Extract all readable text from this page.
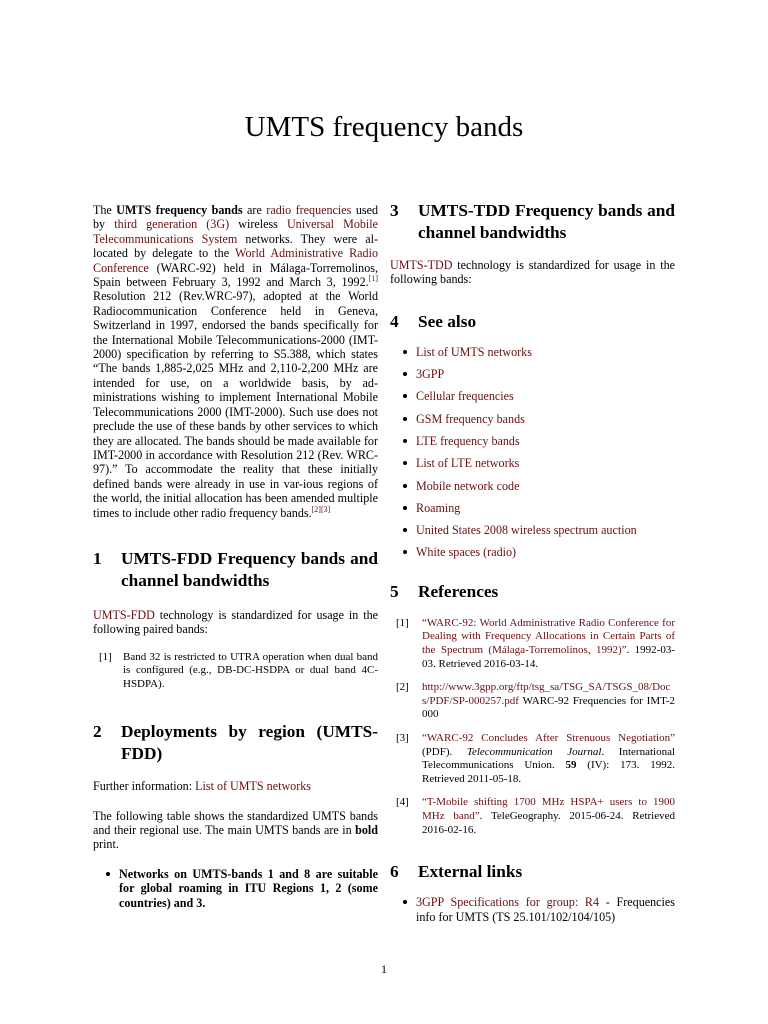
UMTS frequency bands

The UMTS frequency bands are radio frequencies used by third generation (3G) wireless Universal Mobile Telecommunications System networks. They were al-located by delegate to the World Administrative Radio Conference (WARC-92) held in Málaga-Torremolinos, Spain between February 3, 1992 and March 3, 1992.[1] Resolution 212 (Rev.WRC-97), adopted at the World Radiocommunication Conference held in Geneva, Switzerland in 1997, endorsed the bands specifically for the International Mobile Telecommunications-2000 (IMT-2000) specification by referring to S5.388, which states “The bands 1,885-2,025 MHz and 2,110-2,200 MHz are intended for use, on a worldwide basis, by ad-ministrations wishing to implement International Mobile Telecommunications 2000 (IMT-2000). Such use does not preclude the use of these bands by other services to which they are allocated. The bands should be made available for IMT-2000 in accordance with Resolution 212 (Rev. WRC-97).” To accommodate the reality that these initially defined bands were already in use in var-ious regions of the world, the initial allocation has been amended multiple times to include other radio frequency bands.[2][3]

1	UMTS-FDD Frequency bands and channel bandwidths

UMTS-FDD technology is standardized for usage in the following paired bands:

[1]	Band 32 is restricted to UTRA operation when dual band is configured (e.g., DB-DC-HSDPA or dual band 4C-HSDPA).
2	Deployments by region (UMTS-FDD)

Further information: List of UMTS networks

The following table shows the standardized UMTS bands and their regional use. The main UMTS bands are in bold print.

Networks on UMTS-bands 1 and 8 are suitable for global roaming in ITU Regions 1, 2 (some countries) and 3.
3	UMTS-TDD Frequency bands and channel bandwidths

UMTS-TDD technology is standardized for usage in the following bands:

4	See also
List of UMTS networks
3GPP
Cellular frequencies
GSM frequency bands
LTE frequency bands
List of LTE networks
Mobile network code
Roaming
United States 2008 wireless spectrum auction
White spaces (radio)
5	References
[1]	“WARC-92: World Administrative Radio Conference for Dealing with Frequency Allocations in Certain Parts of the Spectrum (Málaga-Torremolinos, 1992)”. 1992-03-03. Retrieved 2016-03-14.
[2]	http://www.3gpp.org/ftp/tsg_sa/TSG_SA/TSGS_08/Docs/PDF/SP-000257.pdf WARC-92 Frequencies for IMT-2000
[3]	“WARC-92 Concludes After Strenuous Negotiation” (PDF). Telecommunication Journal. International Telecommunications Union. 59 (IV): 173. 1992. Retrieved 2011-05-18.
[4]	“T-Mobile shifting 1700 MHz HSPA+ users to 1900 MHz band”. TeleGeography. 2015-06-24. Retrieved 2016-02-16.
6	External links
3GPP Specifications for group: R4 - Frequencies info for UMTS (TS 25.101/102/104/105)
1
